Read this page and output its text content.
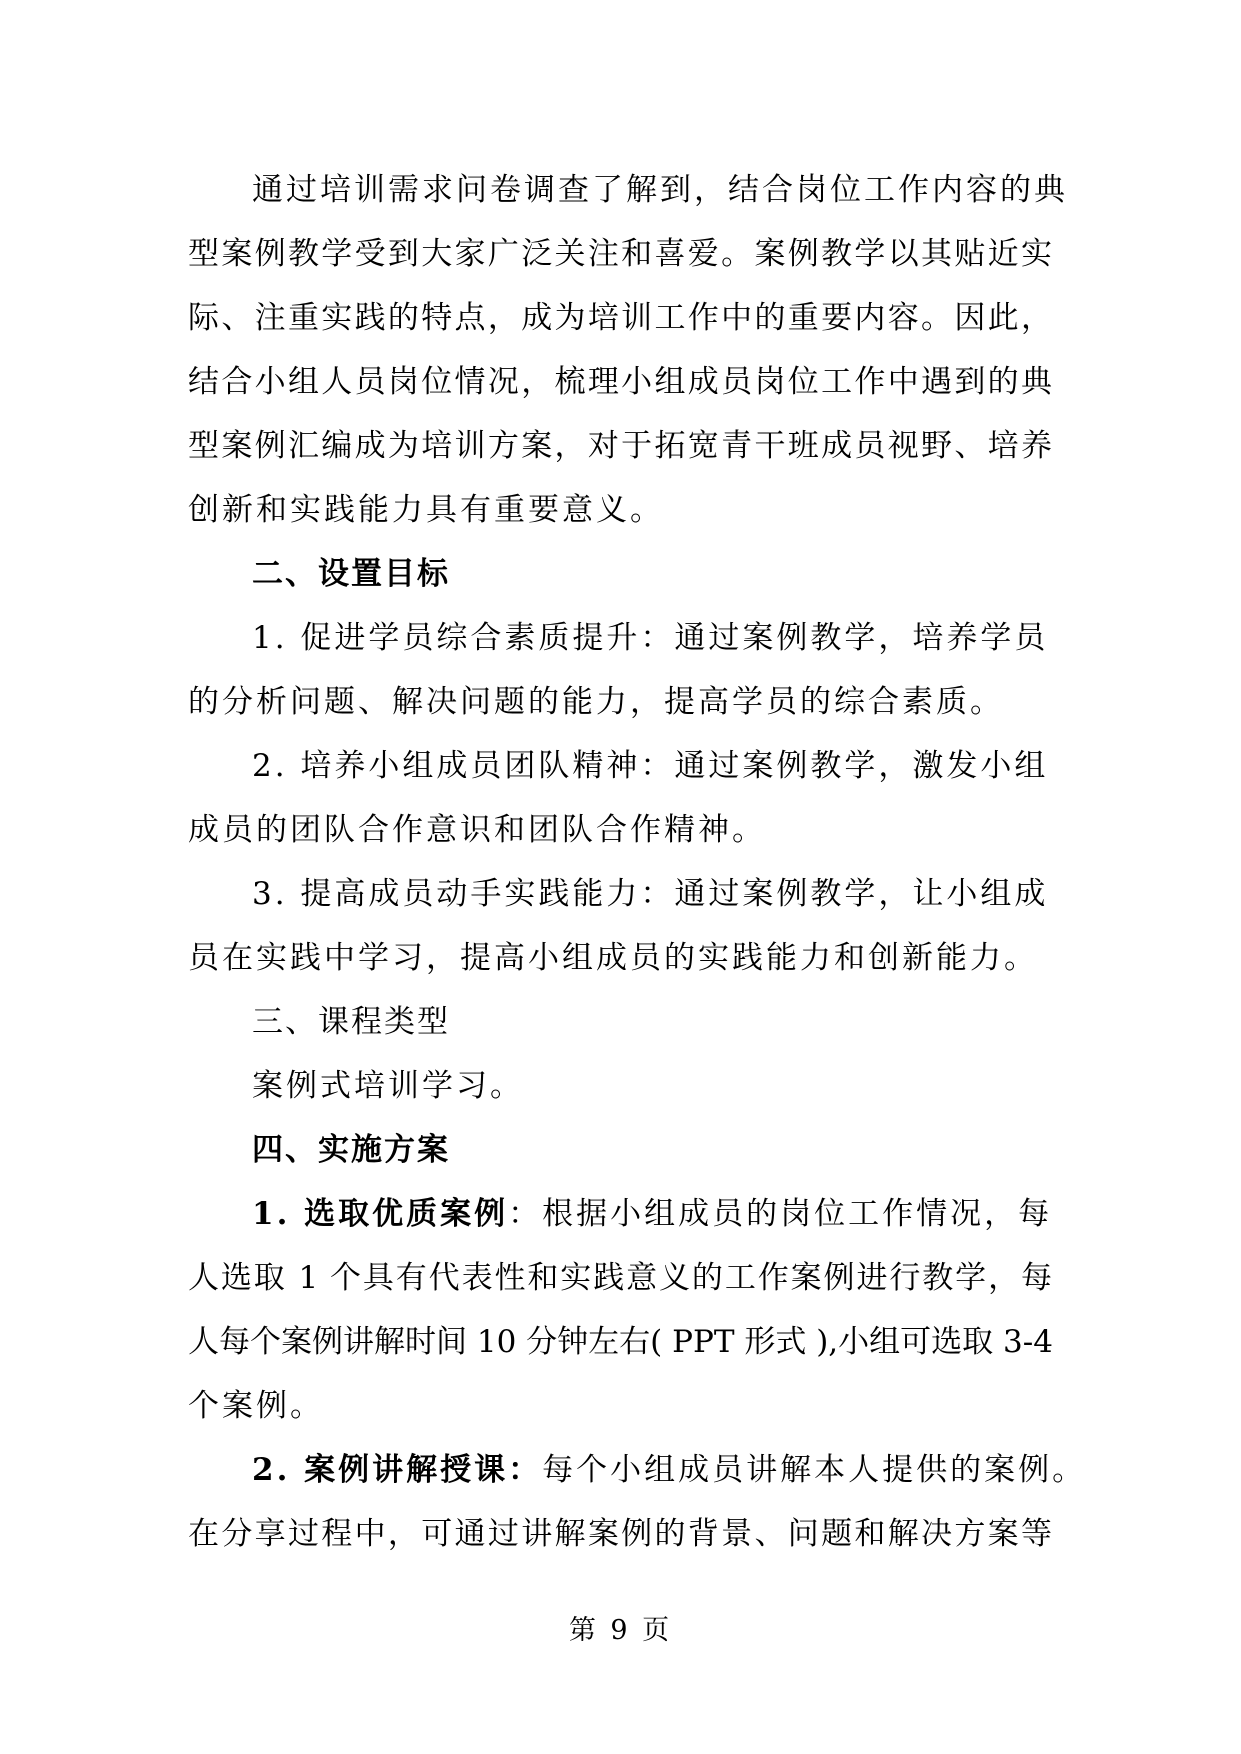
通过培训需求问卷调查了解到，结合岗位工作内容的典
型案例教学受到大家广泛关注和喜爱。案例教学以其贴近实
际、注重实践的特点，成为培训工作中的重要内容。因此，
结合小组人员岗位情况，梳理小组成员岗位工作中遇到的典
型案例汇编成为培训方案，对于拓宽青干班成员视野、培养
创新和实践能力具有重要意义。
二、设置目标
1. 促进学员综合素质提升：通过案例教学，培养学员
的分析问题、解决问题的能力，提高学员的综合素质。
2. 培养小组成员团队精神：通过案例教学，激发小组
成员的团队合作意识和团队合作精神。
3. 提高成员动手实践能力：通过案例教学，让小组成
员在实践中学习，提高小组成员的实践能力和创新能力。
三、课程类型
案例式培训学习。
四、实施方案
1. 选取优质案例：根据小组成员的岗位工作情况，每
人选取 1 个具有代表性和实践意义的工作案例进行教学，每
人每个案例讲解时间 10 分钟左右( PPT 形式 ),小组可选取 3-4
个案例。
2. 案例讲解授课：每个小组成员讲解本人提供的案例。
在分享过程中，可通过讲解案例的背景、问题和解决方案等
第 9 页
